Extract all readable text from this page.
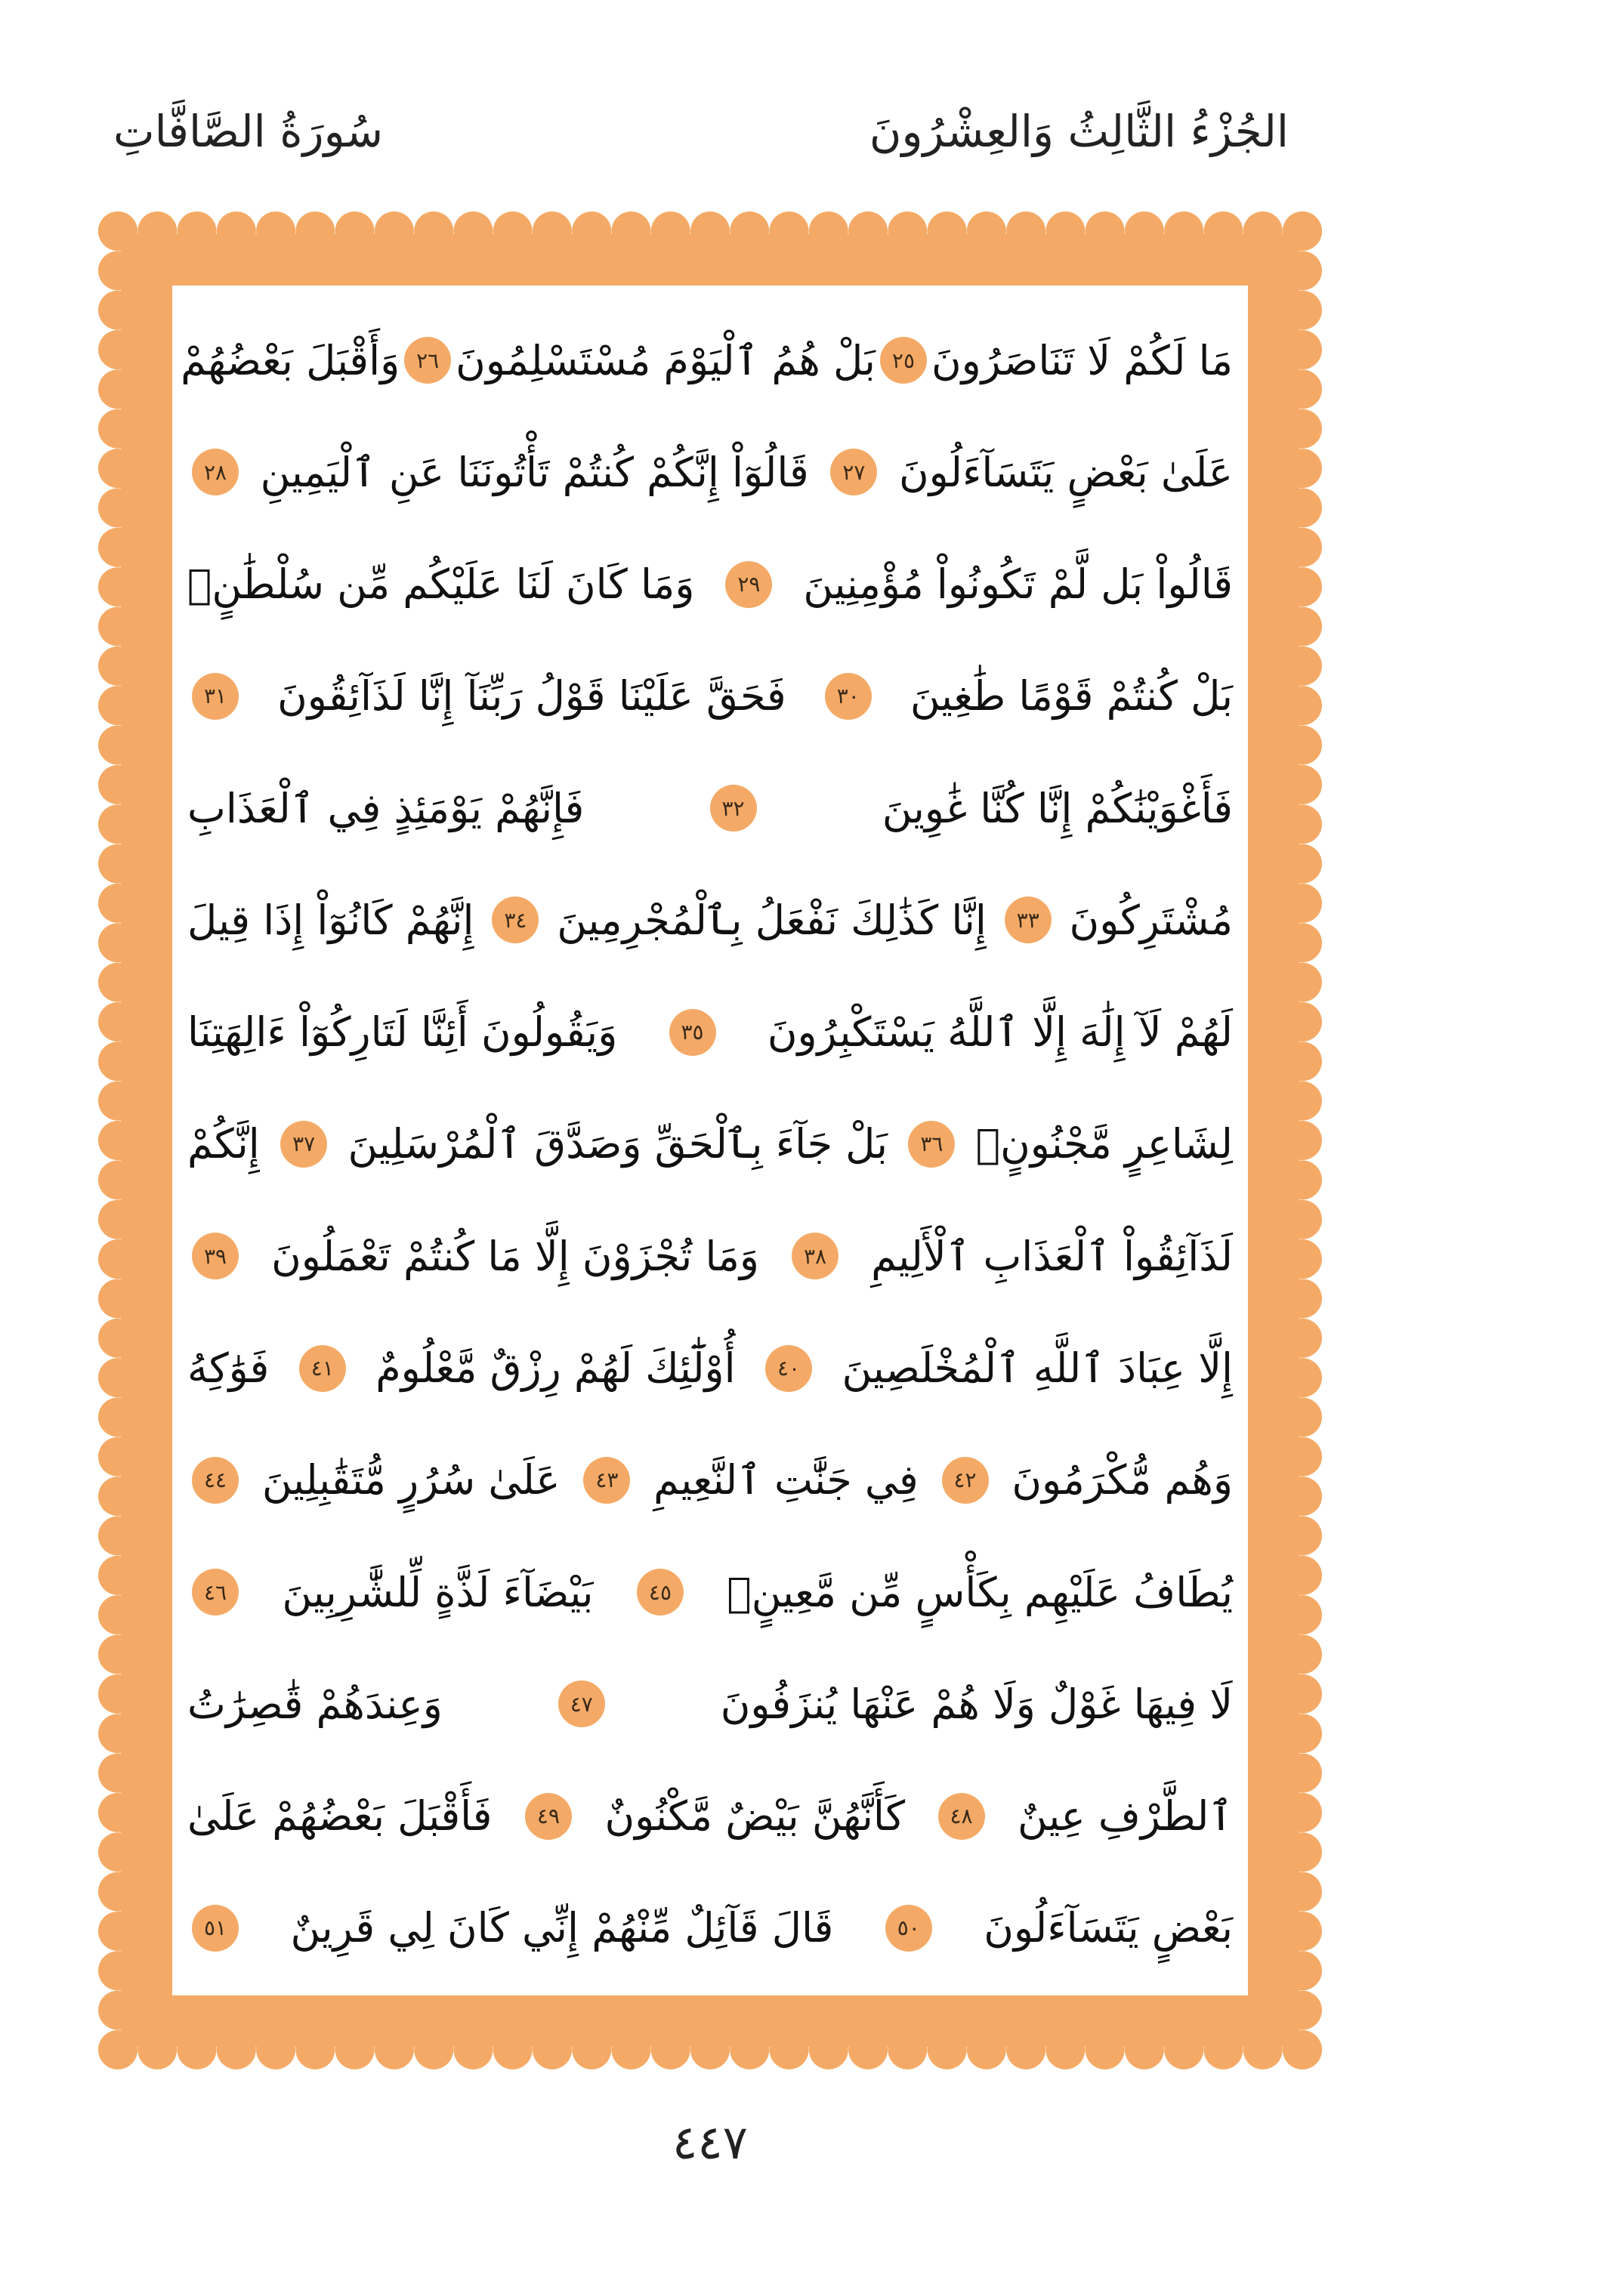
الجُزْءُ الثَّالِثُ وَالعِشْرُونَ
سُورَةُ الصَّافَّاتِ
مَا لَكُمْ لَا تَنَاصَرُونَ
٢٥
بَلْ هُمُ ٱلْيَوْمَ مُسْتَسْلِمُونَ
٢٦
وَأَقْبَلَ بَعْضُهُمْ
عَلَىٰ بَعْضٍ يَتَسَآءَلُونَ
٢٧
قَالُوٓاْ إِنَّكُمْ كُنتُمْ تَأْتُونَنَا عَنِ ٱلْيَمِينِ
٢٨
قَالُواْ بَل لَّمْ تَكُونُواْ مُؤْمِنِينَ
٢٩
وَمَا كَانَ لَنَا عَلَيْكُم مِّن سُلْطَٰنٍۭ
بَلْ كُنتُمْ قَوْمًا طَٰغِينَ
٣٠
فَحَقَّ عَلَيْنَا قَوْلُ رَبِّنَآ إِنَّا لَذَآئِقُونَ
٣١
فَأَغْوَيْنَٰكُمْ إِنَّا كُنَّا غَٰوِينَ
٣٢
فَإِنَّهُمْ يَوْمَئِذٍ فِي ٱلْعَذَابِ
مُشْتَرِكُونَ
٣٣
إِنَّا كَذَٰلِكَ نَفْعَلُ بِٱلْمُجْرِمِينَ
٣٤
إِنَّهُمْ كَانُوٓاْ إِذَا قِيلَ
لَهُمْ لَآ إِلَٰهَ إِلَّا ٱللَّهُ يَسْتَكْبِرُونَ
٣٥
وَيَقُولُونَ أَئِنَّا لَتَارِكُوٓاْ ءَالِهَتِنَا
لِشَاعِرٍ مَّجْنُونٍۭ
٣٦
بَلْ جَآءَ بِٱلْحَقِّ وَصَدَّقَ ٱلْمُرْسَلِينَ
٣٧
إِنَّكُمْ
لَذَآئِقُواْ ٱلْعَذَابِ ٱلْأَلِيمِ
٣٨
وَمَا تُجْزَوْنَ إِلَّا مَا كُنتُمْ تَعْمَلُونَ
٣٩
إِلَّا عِبَادَ ٱللَّهِ ٱلْمُخْلَصِينَ
٤٠
أُوْلَٰٓئِكَ لَهُمْ رِزْقٌ مَّعْلُومٌ
٤١
فَوَٰكِهُ
وَهُم مُّكْرَمُونَ
٤٢
فِي جَنَّٰتِ ٱلنَّعِيمِ
٤٣
عَلَىٰ سُرُرٍ مُّتَقَٰبِلِينَ
٤٤
يُطَافُ عَلَيْهِم بِكَأْسٍ مِّن مَّعِينٍۭ
٤٥
بَيْضَآءَ لَذَّةٍ لِّلشَّٰرِبِينَ
٤٦
لَا فِيهَا غَوْلٌ وَلَا هُمْ عَنْهَا يُنزَفُونَ
٤٧
وَعِندَهُمْ قَٰصِرَٰتُ
ٱلطَّرْفِ عِينٌ
٤٨
كَأَنَّهُنَّ بَيْضٌ مَّكْنُونٌ
٤٩
فَأَقْبَلَ بَعْضُهُمْ عَلَىٰ
بَعْضٍ يَتَسَآءَلُونَ
٥٠
قَالَ قَآئِلٌ مِّنْهُمْ إِنِّي كَانَ لِي قَرِينٌ
٥١
٤٤٧
